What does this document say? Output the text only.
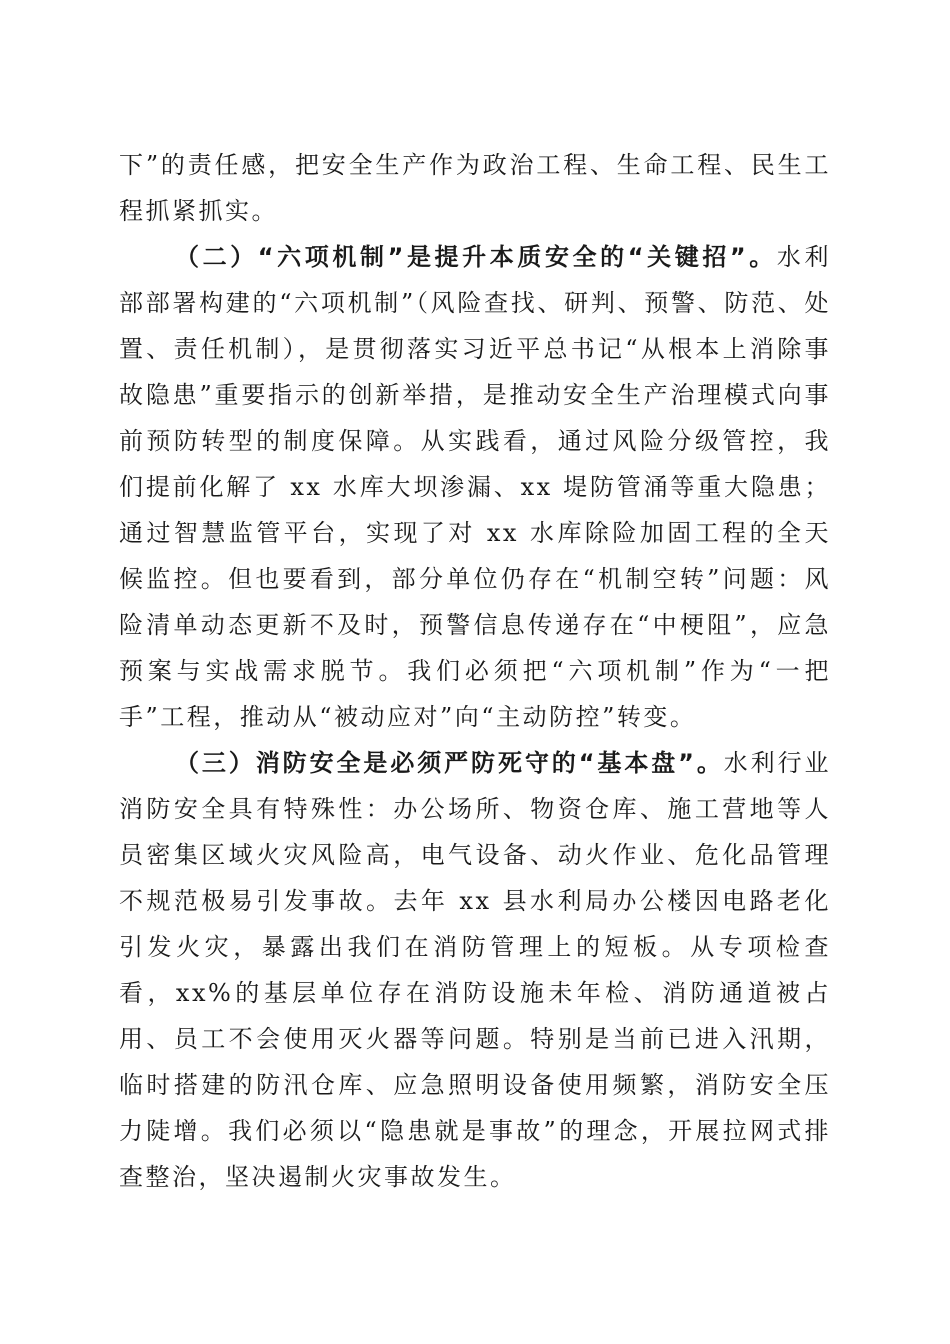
下”的责任感，把安全生产作为政治工程、生命工程、民生工程抓紧抓实。

（二）“六项机制”是提升本质安全的“关键招”。水利部部署构建的“六项机制”（风险查找、研判、预警、防范、处置、责任机制），是贯彻落实习近平总书记“从根本上消除事故隐患”重要指示的创新举措，是推动安全生产治理模式向事前预防转型的制度保障。从实践看，通过风险分级管控，我们提前化解了 xx 水库大坝渗漏、xx 堤防管涌等重大隐患；通过智慧监管平台，实现了对 xx 水库除险加固工程的全天候监控。但也要看到，部分单位仍存在“机制空转”问题：风险清单动态更新不及时，预警信息传递存在“中梗阻”，应急预案与实战需求脱节。我们必须把“六项机制”作为“一把手”工程，推动从“被动应对”向“主动防控”转变。

（三）消防安全是必须严防死守的“基本盘”。水利行业消防安全具有特殊性：办公场所、物资仓库、施工营地等人员密集区域火灾风险高，电气设备、动火作业、危化品管理不规范极易引发事故。去年 xx 县水利局办公楼因电路老化引发火灾，暴露出我们在消防管理上的短板。从专项检查看，xx%的基层单位存在消防设施未年检、消防通道被占用、员工不会使用灭火器等问题。特别是当前已进入汛期，临时搭建的防汛仓库、应急照明设备使用频繁，消防安全压力陡增。我们必须以“隐患就是事故”的理念，开展拉网式排查整治，坚决遏制火灾事故发生。
